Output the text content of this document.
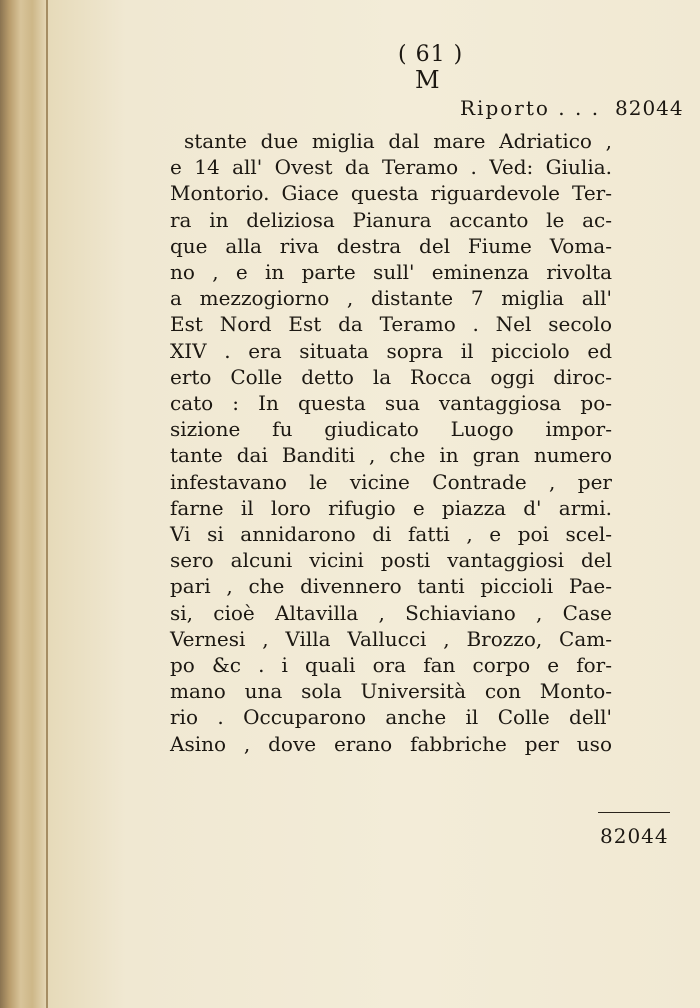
( 61 )
M
Riporto . . . 82044
stante due miglia dal mare Adriatico ,
e 14 all' Ovest da Teramo . Ved: Giulia.
Montorio. Giace questa riguardevole Ter-
ra in deliziosa Pianura accanto le ac-
que alla riva destra del Fiume Voma-
no , e in parte sull' eminenza rivolta
a mezzogiorno , distante 7 miglia all'
Est Nord Est da Teramo . Nel secolo
XIV . era situata sopra il picciolo ed
erto Colle detto la Rocca oggi diroc-
cato : In questa sua vantaggiosa po-
sizione fu giudicato Luogo impor-
tante dai Banditi , che in gran numero
infestavano le vicine Contrade , per
farne il loro rifugio e piazza d' armi.
Vi si annidarono di fatti , e poi scel-
sero alcuni vicini posti vantaggiosi del
pari , che divennero tanti piccioli Pae-
si, cioè Altavilla , Schiaviano , Case
Vernesi , Villa Vallucci , Brozzo, Cam-
po &c . i quali ora fan corpo e for-
mano una sola Università con Monto-
rio . Occuparono anche il Colle dell'
Asino , dove erano fabbriche per uso
82044
